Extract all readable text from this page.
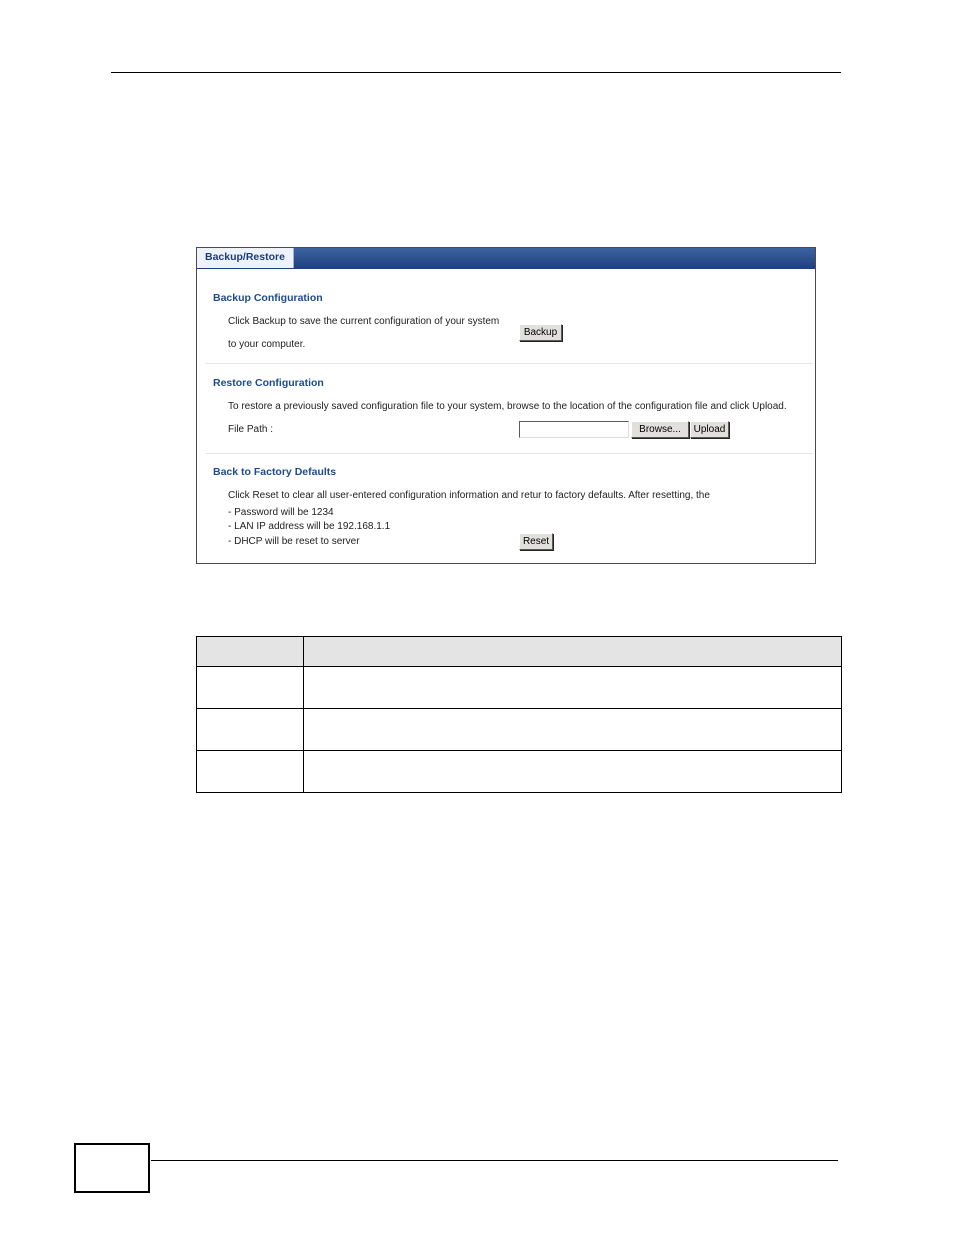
Backup/Restore
Backup Configuration
Click Backup to save the current configuration of your system
to your computer.
Backup
Restore Configuration
To restore a previously saved configuration file to your system, browse to the location of the configuration file and click Upload.
File Path :	Browse...	Upload
Back to Factory Defaults
Click Reset to clear all user-entered configuration information and retur to factory defaults. After resetting, the
- Password will be 1234
- LAN IP address will be 192.168.1.1
- DHCP will be reset to server	Reset
